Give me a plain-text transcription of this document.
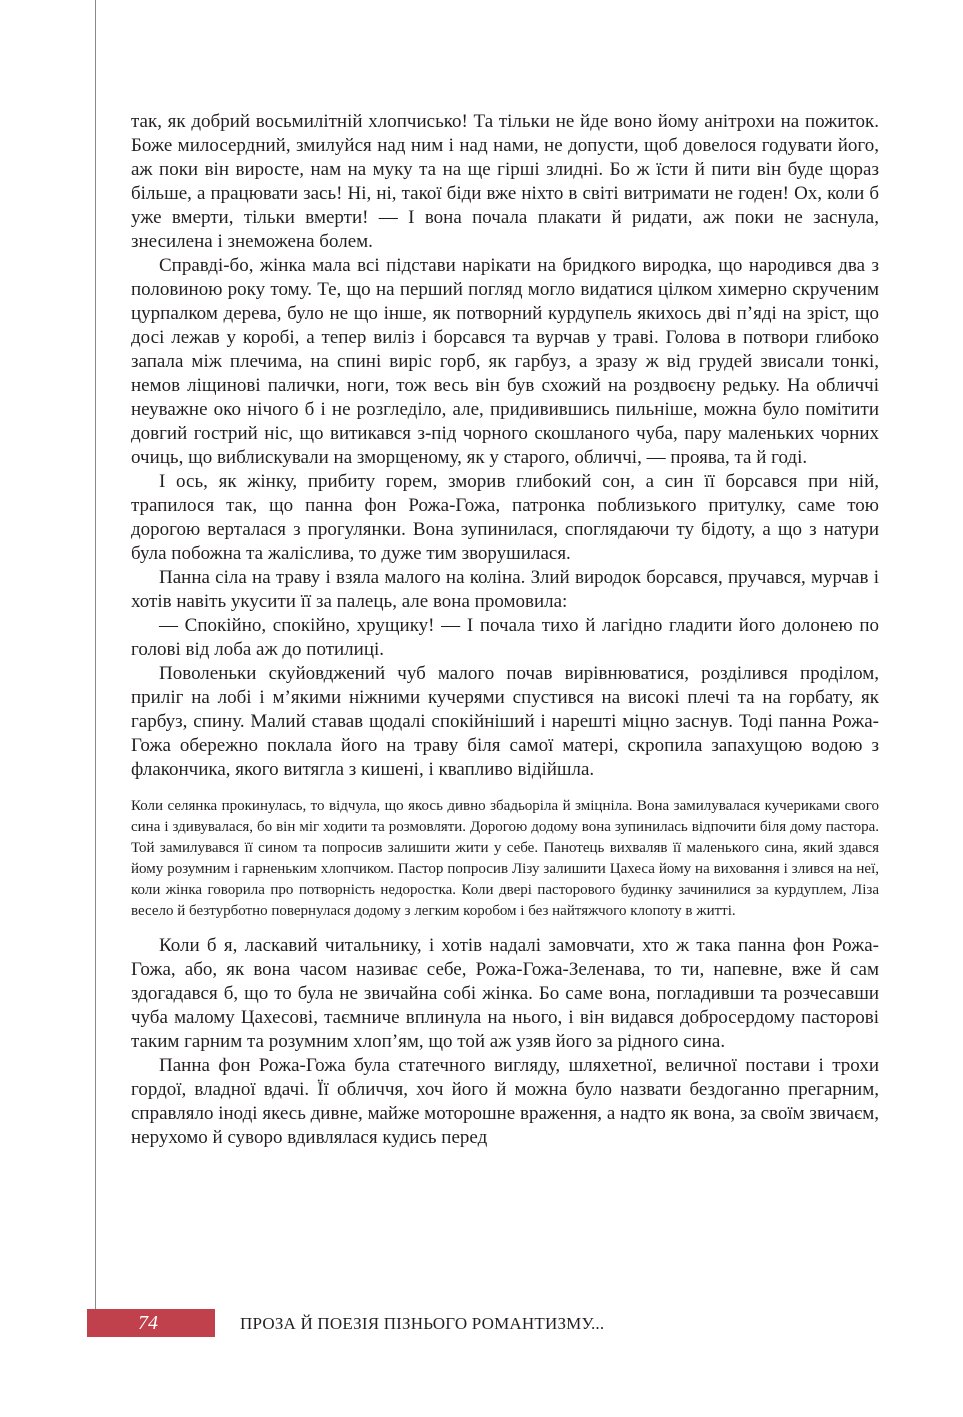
так, як добрий восьмилітній хлопчисько! Та тільки не йде воно йому анітрохи на пожиток. Боже милосердний, змилуйся над ним і над нами, не допусти, щоб довелося годувати його, аж поки він виросте, нам на муку та на ще гірші злидні. Бо ж їсти й пити він буде щораз більше, а працювати зась! Ні, ні, такої біди вже ніхто в світі витримати не годен! Ох, коли б уже вмерти, тільки вмерти! — І вона почала плакати й ридати, аж поки не заснула, знесилена і знеможена болем.

Справді-бо, жінка мала всі підстави нарікати на бридкого виродка, що народився два з половиною року тому. Те, що на перший погляд могло видатися цілком химерно скрученим цурпалком дерева, було не що інше, як потворний курдупель якихось дві п’яді на зріст, що досі лежав у коробі, а тепер виліз і борсався та вурчав у траві. Голова в потвори глибоко запала між плечима, на спині виріс горб, як гарбуз, а зразу ж від грудей звисали тонкі, немов ліщинові палички, ноги, тож весь він був схожий на роздвоєну редьку. На обличчі неуважне око нічого б і не розгледіло, але, придивившись пильніше, можна було помітити довгий гострий ніс, що витикався з-під чорного скошланого чуба, пару маленьких чорних очиць, що виблискували на зморщеному, як у старого, обличчі, — проява, та й годі.

І ось, як жінку, прибиту горем, зморив глибокий сон, а син її борсався при ній, трапилося так, що панна фон Рожа-Гожа, патронка поблизького притулку, саме тою дорогою верталася з прогулянки. Вона зупинилася, споглядаючи ту бідоту, а що з натури була побожна та жаліслива, то дуже тим зворушилася.

Панна сіла на траву і взяла малого на коліна. Злий виродок борсався, пручався, мурчав і хотів навіть укусити її за палець, але вона промовила:

— Спокійно, спокійно, хрущику! — І почала тихо й лагідно гладити його долонею по голові від лоба аж до потилиці.

Поволеньки скуйовджений чуб малого почав вирівнюватися, розділився проділом, приліг на лобі і м’якими ніжними кучерями спустився на високі плечі та на горбату, як гарбуз, спину. Малий ставав щодалі спокійніший і нарешті міцно заснув. Тоді панна Рожа-Гожа обережно поклала його на траву біля самої матері, скропила запахущою водою з флакончика, якого витягла з кишені, і квапливо відійшла.

Коли селянка прокинулась, то відчула, що якось дивно збадьоріла й зміцніла. Вона замилувалася кучериками свого сина і здивувалася, бо він міг ходити та розмовляти. Дорогою додому вона зупинилась відпочити біля дому пастора. Той замилувався її сином та попросив залишити жити у себе. Панотець вихваляв її маленького сина, який здався йому розумним і гарненьким хлопчиком. Пастор попросив Лізу залишити Цахеса йому на виховання і злився на неї, коли жінка говорила про потворність недоростка. Коли двері пасторового будинку зачинилися за курдуплем, Ліза весело й безтурботно повернулася додому з легким коробом і без найтяжчого клопоту в житті.

Коли б я, ласкавий читальнику, і хотів надалі замовчати, хто ж така панна фон Рожа-Гожа, або, як вона часом називає себе, Рожа-Гожа-Зеленава, то ти, напевне, вже й сам здогадався б, що то була не звичайна собі жінка. Бо саме вона, погладивши та розчесавши чуба малому Цахесові, таємниче вплинула на нього, і він видався добросердому пасторові таким гарним та розумним хлоп’ям, що той аж узяв його за рідного сина.

Панна фон Рожа-Гожа була статечного вигляду, шляхетної, величної постави і трохи гордої, владної вдачі. Її обличчя, хоч його й можна було назвати бездоганно прегарним, справляло іноді якесь дивне, майже моторошне враження, а надто як вона, за своїм звичаєм, нерухомо й суворо вдивлялася кудись перед

74	ПРОЗА Й ПОЕЗІЯ ПІЗНЬОГО РОМАНТИЗМУ...
